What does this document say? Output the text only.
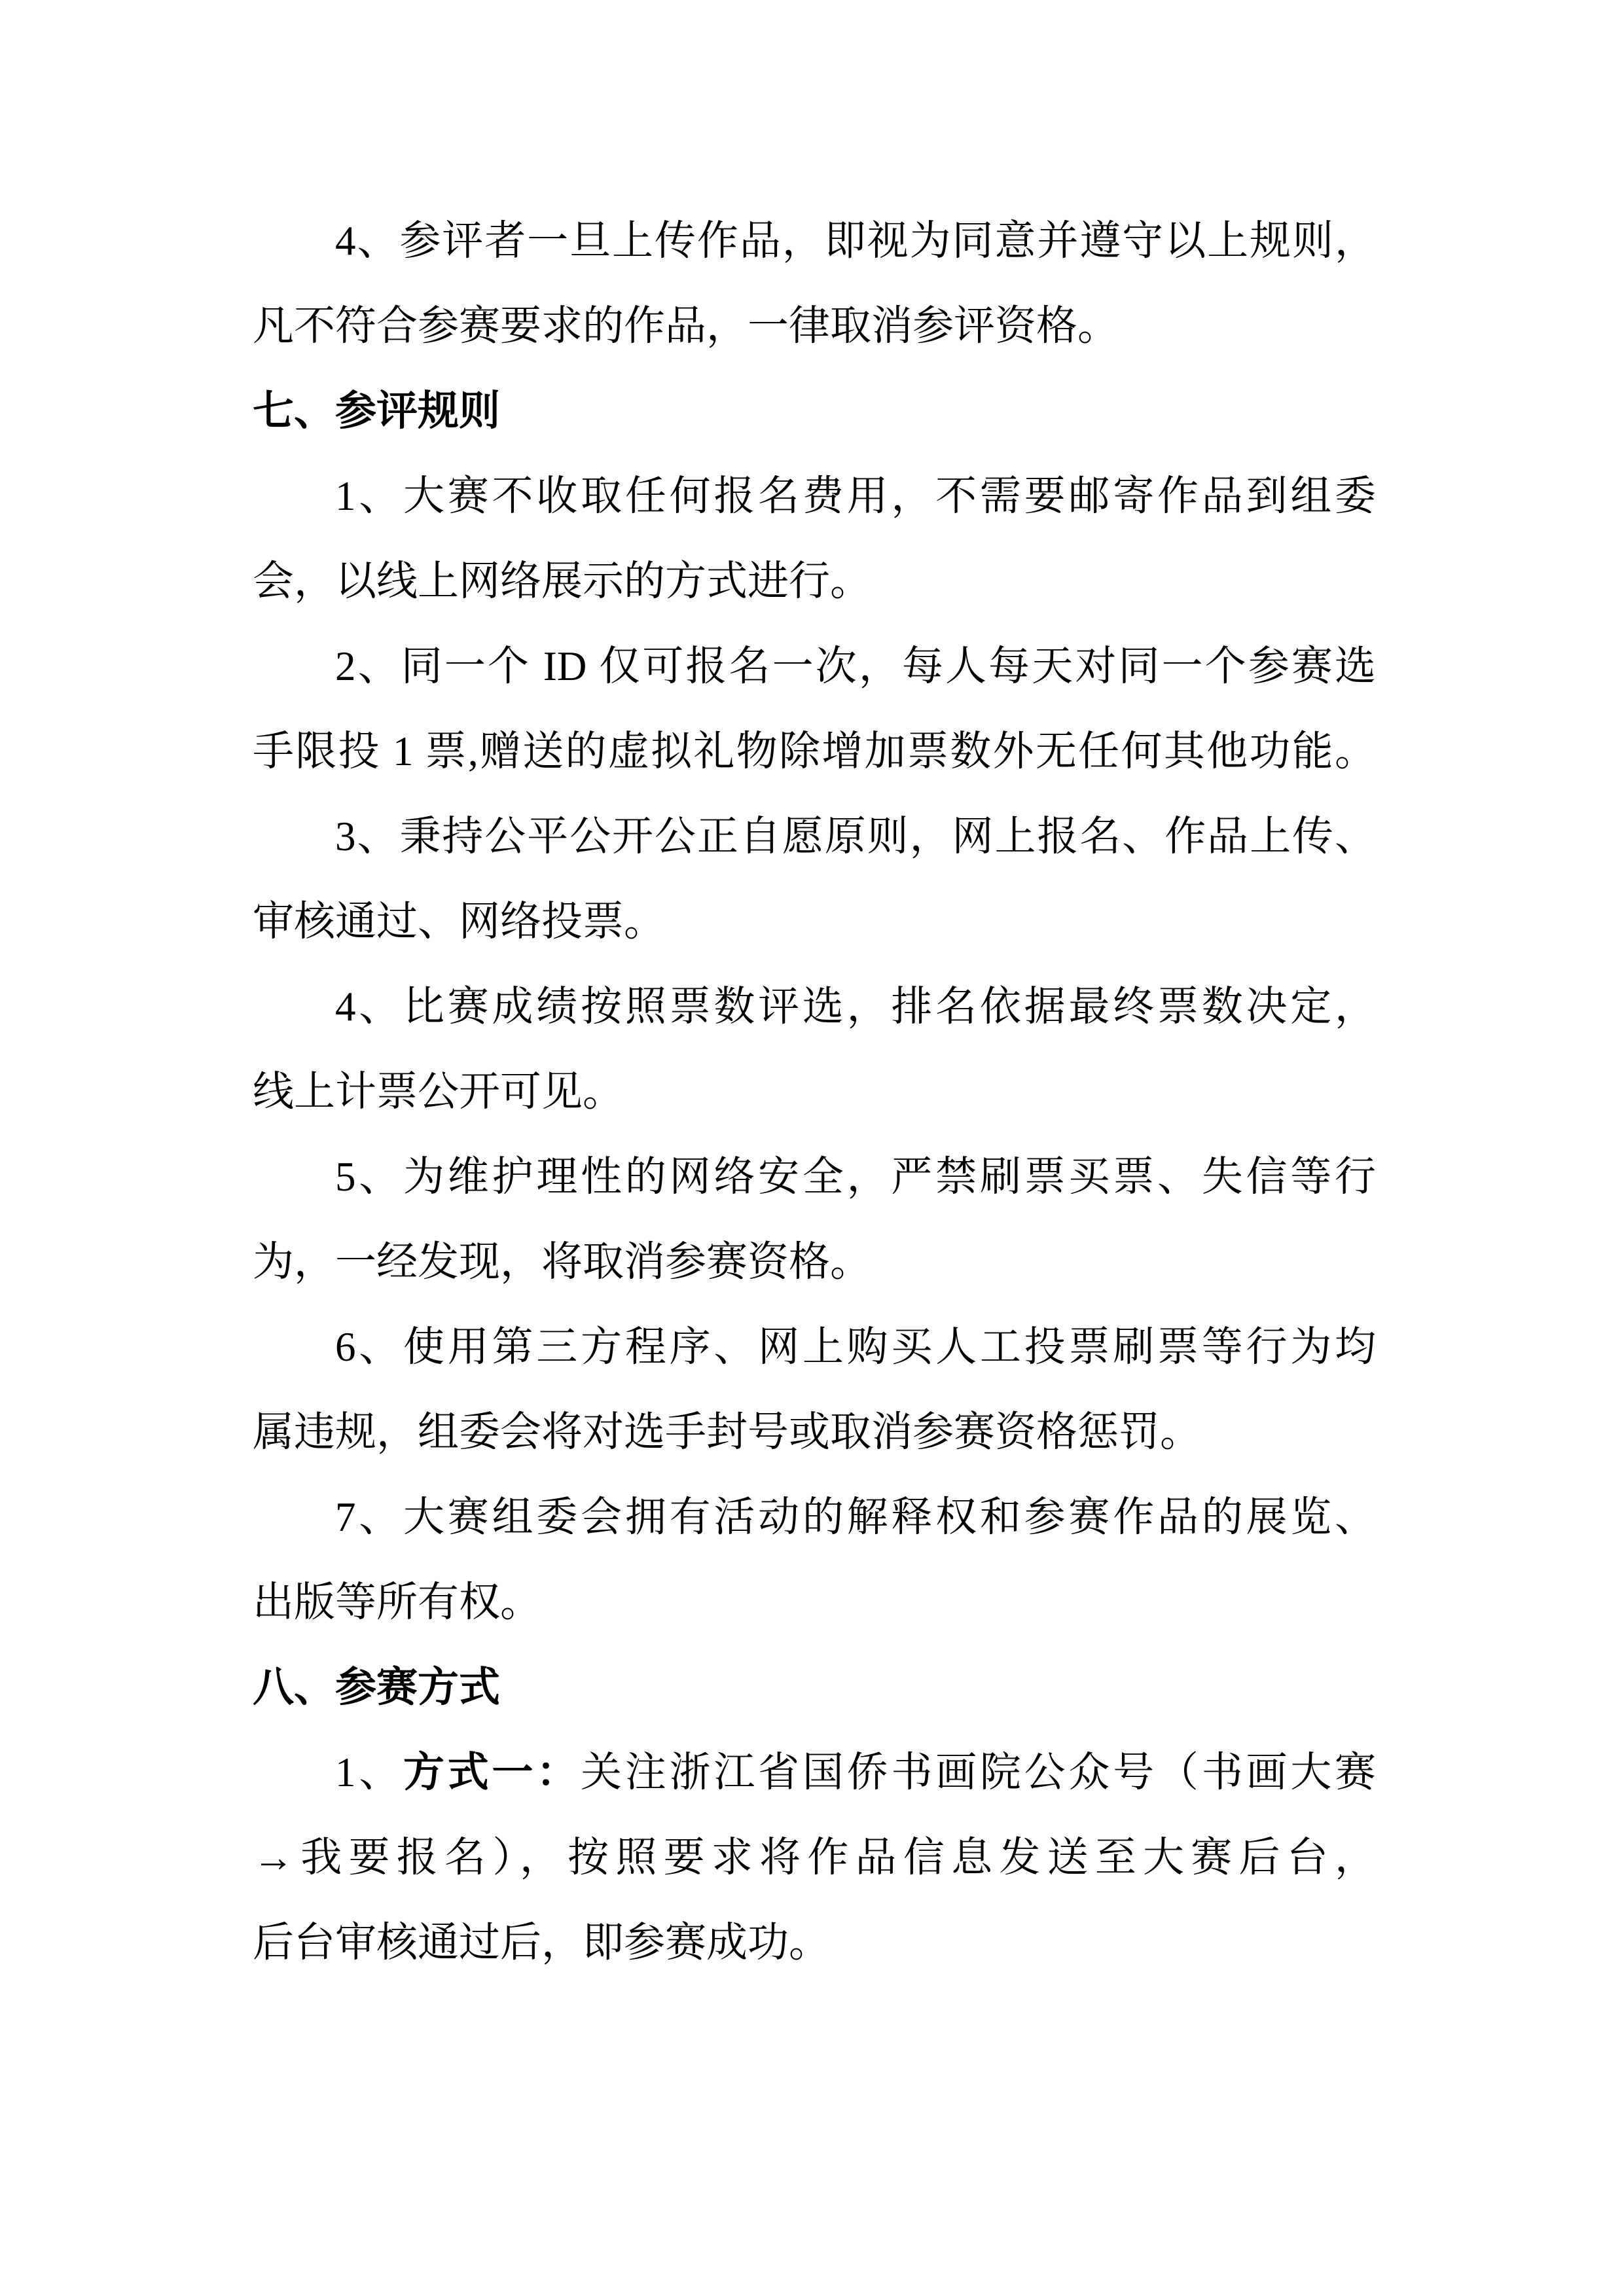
4、参评者一旦上传作品，即视为同意并遵守以上规则，
凡不符合参赛要求的作品，一律取消参评资格。
七、参评规则
1、大赛不收取任何报名费用，不需要邮寄作品到组委
会，以线上网络展示的方式进行。
2、同一个 ID 仅可报名一次，每人每天对同一个参赛选
手限投 1 票,赠送的虚拟礼物除增加票数外无任何其他功能。
3、秉持公平公开公正自愿原则，网上报名、作品上传、
审核通过、网络投票。
4、比赛成绩按照票数评选，排名依据最终票数决定，
线上计票公开可见。
5、为维护理性的网络安全，严禁刷票买票、失信等行
为，一经发现，将取消参赛资格。
6、使用第三方程序、网上购买人工投票刷票等行为均
属违规，组委会将对选手封号或取消参赛资格惩罚。
7、大赛组委会拥有活动的解释权和参赛作品的展览、
出版等所有权。
八、参赛方式
1、方式一：关注浙江省国侨书画院公众号（书画大赛
→我要报名），按照要求将作品信息发送至大赛后台，
后台审核通过后，即参赛成功。
